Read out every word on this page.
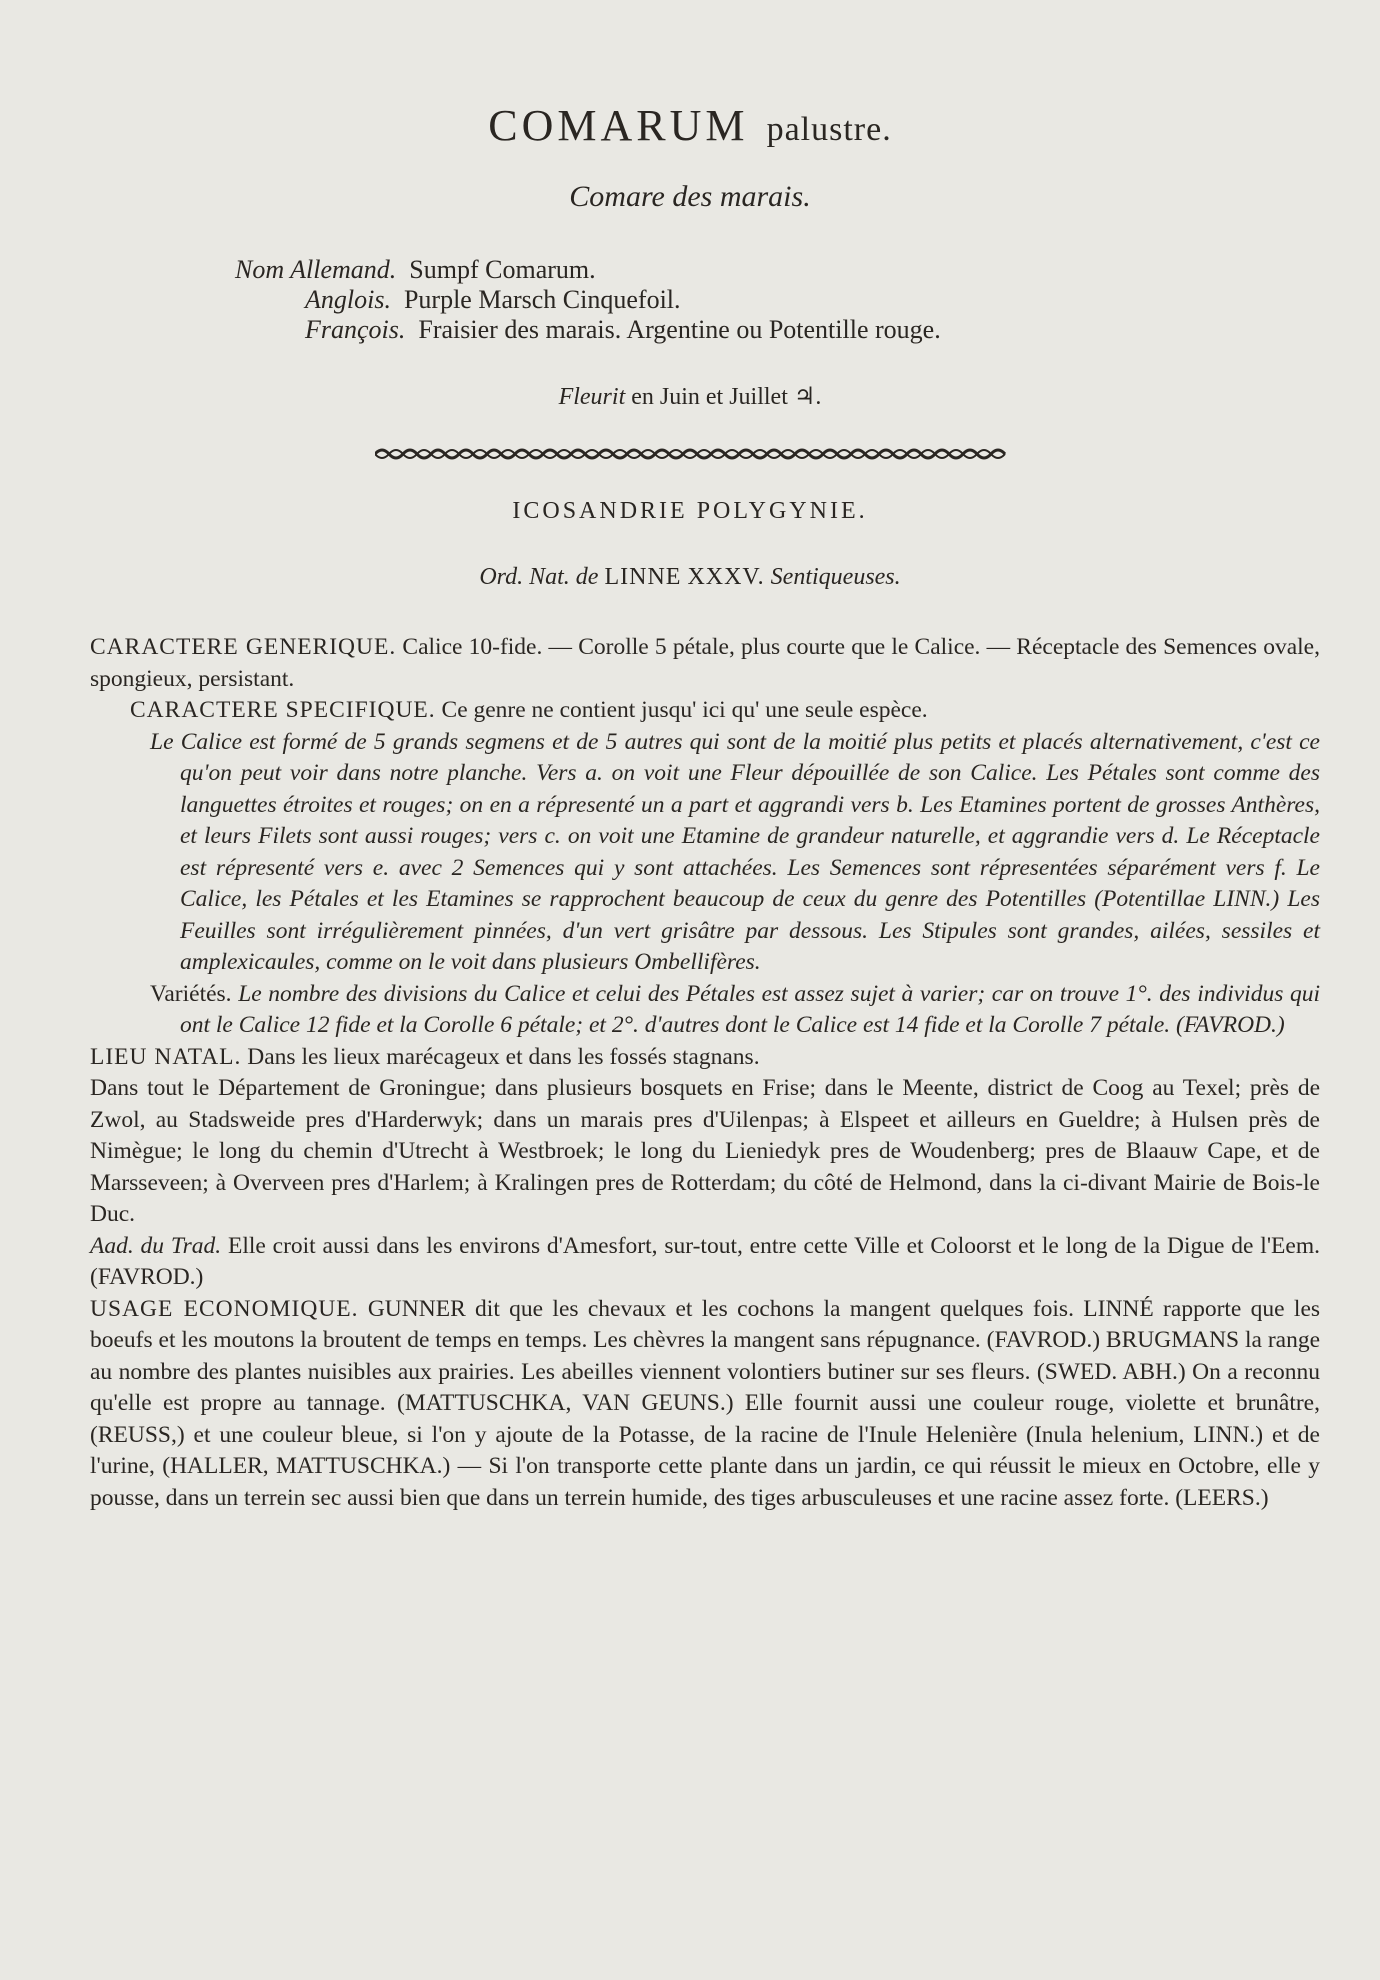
COMARUM palustre.
Comare des marais.
Nom Allemand. Sumpf Comarum.
Anglois. Purple Marsch Cinquefoil.
François. Fraisier des marais. Argentine ou Potentille rouge.
Fleurit en Juin et Juillet ♃.
ICOSANDRIE POLYGYNIE.
Ord. Nat. de LINNE XXXV. Sentiqueuses.

CARACTERE GENERIQUE. Calice 10-fide. — Corolle 5 pétale, plus courte que le Calice. — Réceptacle des Semences ovale, spongieux, persistant.

CARACTERE SPECIFIQUE. Ce genre ne contient jusqu' ici qu' une seule espèce.

Le Calice est formé de 5 grands segmens et de 5 autres qui sont de la moitié plus petits et placés alternativement, c'est ce qu'on peut voir dans notre planche. Vers a. on voit une Fleur dépouillée de son Calice. Les Pétales sont comme des languettes étroites et rouges; on en a répresenté un a part et aggrandi vers b. Les Etamines portent de grosses Anthères, et leurs Filets sont aussi rouges; vers c. on voit une Etamine de grandeur naturelle, et aggrandie vers d. Le Réceptacle est répresenté vers e. avec 2 Semences qui y sont attachées. Les Semences sont répresentées séparément vers f. Le Calice, les Pétales et les Etamines se rapprochent beaucoup de ceux du genre des Potentilles (Potentillae LINN.) Les Feuilles sont irrégulièrement pinnées, d'un vert grisâtre par dessous. Les Stipules sont grandes, ailées, sessiles et amplexicaules, comme on le voit dans plusieurs Ombellifères.

Variétés. Le nombre des divisions du Calice et celui des Pétales est assez sujet à varier; car on trouve 1°. des individus qui ont le Calice 12 fide et la Corolle 6 pétale; et 2°. d'autres dont le Calice est 14 fide et la Corolle 7 pétale. (FAVROD.)

LIEU NATAL. Dans les lieux marécageux et dans les fossés stagnans.

Dans tout le Département de Groningue; dans plusieurs bosquets en Frise; dans le Meente, district de Coog au Texel; près de Zwol, au Stadsweide pres d'Harderwyk; dans un marais pres d'Uilenpas; à Elspeet et ailleurs en Gueldre; à Hulsen près de Nimègue; le long du chemin d'Utrecht à Westbroek; le long du Lieniedyk pres de Woudenberg; pres de Blaauw Cape, et de Marsseveen; à Overveen pres d'Harlem; à Kralingen pres de Rotterdam; du côté de Helmond, dans la ci-divant Mairie de Bois-le Duc.

Aad. du Trad. Elle croit aussi dans les environs d'Amesfort, sur-tout, entre cette Ville et Coloorst et le long de la Digue de l'Eem. (FAVROD.)

USAGE ECONOMIQUE. GUNNER dit que les chevaux et les cochons la mangent quelques fois. LINNÉ rapporte que les boeufs et les moutons la broutent de temps en temps. Les chèvres la mangent sans répugnance. (FAVROD.) BRUGMANS la range au nombre des plantes nuisibles aux prairies. Les abeilles viennent volontiers butiner sur ses fleurs. (SWED. ABH.) On a reconnu qu'elle est propre au tannage. (MATTUSCHKA, VAN GEUNS.) Elle fournit aussi une couleur rouge, violette et brunâtre, (REUSS,) et une couleur bleue, si l'on y ajoute de la Potasse, de la racine de l'Inule Helenière (Inula helenium, LINN.) et de l'urine, (HALLER, MATTUSCHKA.) — Si l'on transporte cette plante dans un jardin, ce qui réussit le mieux en Octobre, elle y pousse, dans un terrein sec aussi bien que dans un terrein humide, des tiges arbusculeuses et une racine assez forte. (LEERS.)
